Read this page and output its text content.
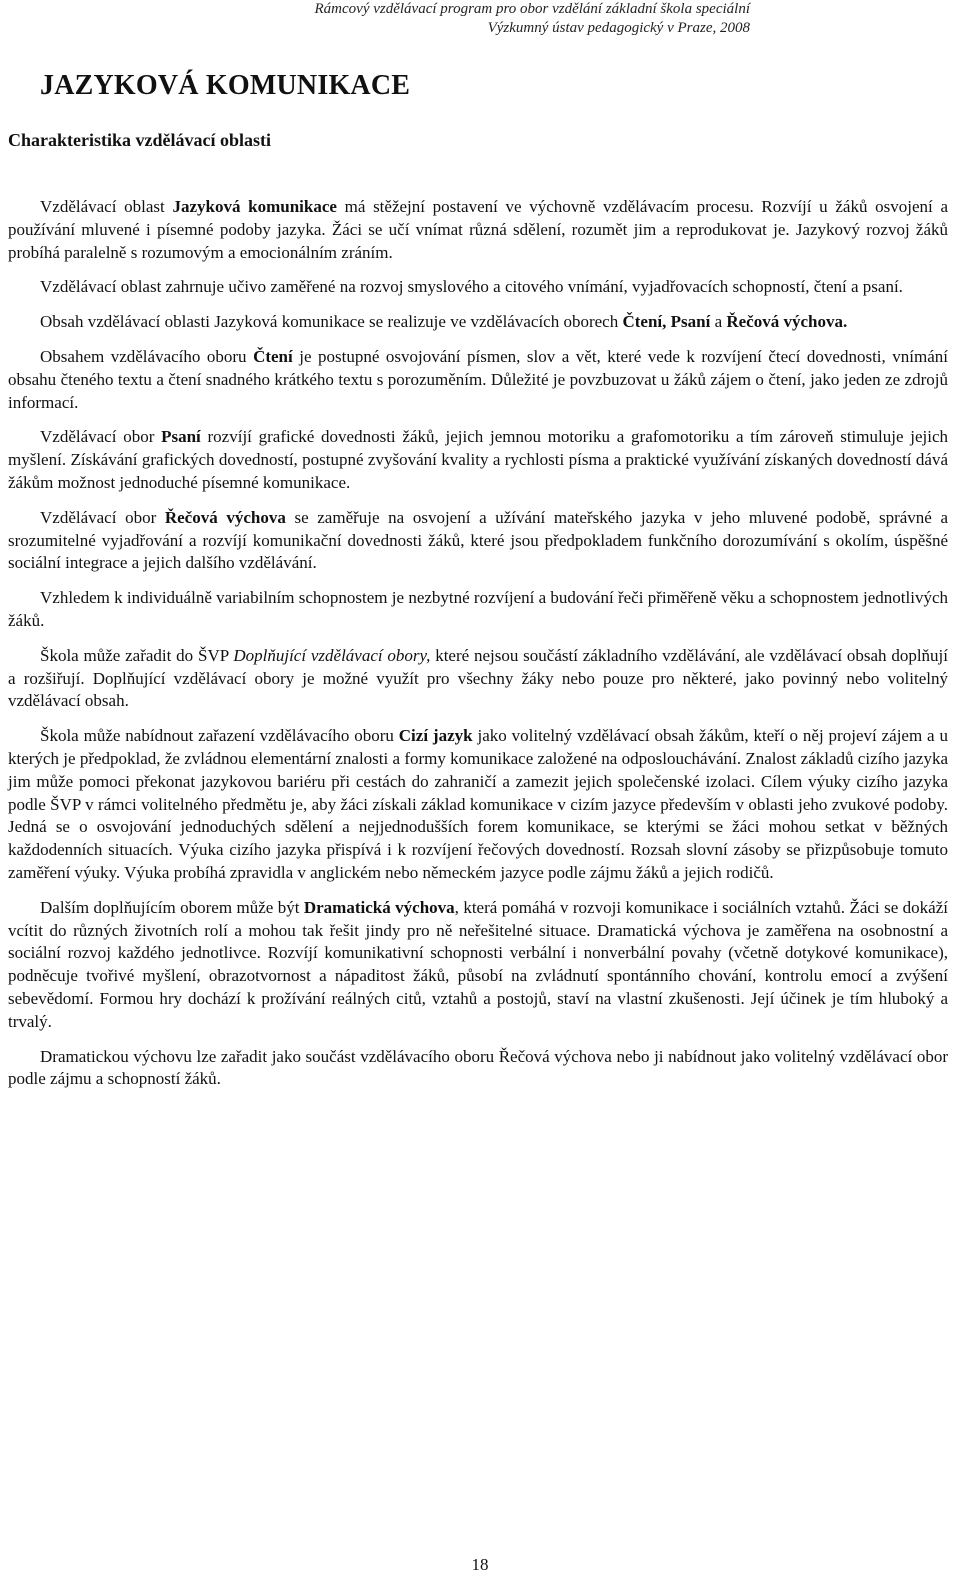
Rámcový vzdělávací program pro obor vzdělání základní škola speciální
Výzkumný ústav pedagogický v Praze, 2008
JAZYKOVÁ KOMUNIKACE
Charakteristika vzdělávací oblasti

Vzdělávací oblast Jazyková komunikace má stěžejní postavení ve výchovně vzdělávacím procesu. Rozvíjí u žáků osvojení a používání mluvené i písemné podoby jazyka. Žáci se učí vnímat různá sdělení, rozumět jim a reprodukovat je. Jazykový rozvoj žáků probíhá paralelně s rozumovým a emocionálním zráním.

Vzdělávací oblast zahrnuje učivo zaměřené na rozvoj smyslového a citového vnímání, vyjadřovacích schopností, čtení a psaní.

Obsah vzdělávací oblasti Jazyková komunikace se realizuje ve vzdělávacích oborech Čtení, Psaní a Řečová výchova.

Obsahem vzdělávacího oboru Čtení je postupné osvojování písmen, slov a vět, které vede k rozvíjení čtecí dovednosti, vnímání obsahu čteného textu a čtení snadného krátkého textu s porozuměním. Důležité je povzbuzovat u žáků zájem o čtení, jako jeden ze zdrojů informací.

Vzdělávací obor Psaní rozvíjí grafické dovednosti žáků, jejich jemnou motoriku a grafomotoriku a tím zároveň stimuluje jejich myšlení. Získávání grafických dovedností, postupné zvyšování kvality a rychlosti písma a praktické využívání získaných dovedností dává žákům možnost jednoduché písemné komunikace.

Vzdělávací obor Řečová výchova se zaměřuje na osvojení a užívání mateřského jazyka v jeho mluvené podobě, správné a srozumitelné vyjadřování a rozvíjí komunikační dovednosti žáků, které jsou předpokladem funkčního dorozumívání s okolím, úspěšné sociální integrace a jejich dalšího vzdělávání.

Vzhledem k individuálně variabilním schopnostem je nezbytné rozvíjení a budování řeči přiměřeně věku a schopnostem jednotlivých žáků.

Škola může zařadit do ŠVP Doplňující vzdělávací obory, které nejsou součástí základního vzdělávání, ale vzdělávací obsah doplňují a rozšiřují. Doplňující vzdělávací obory je možné využít pro všechny žáky nebo pouze pro některé, jako povinný nebo volitelný vzdělávací obsah.

Škola může nabídnout zařazení vzdělávacího oboru Cizí jazyk jako volitelný vzdělávací obsah žákům, kteří o něj projeví zájem a u kterých je předpoklad, že zvládnou elementární znalosti a formy komunikace založené na odposlouchávání. Znalost základů cizího jazyka jim může pomoci překonat jazykovou bariéru při cestách do zahraničí a zamezit jejich společenské izolaci. Cílem výuky cizího jazyka podle ŠVP v rámci volitelného předmětu je, aby žáci získali základ komunikace v cizím jazyce především v oblasti jeho zvukové podoby. Jedná se o osvojování jednoduchých sdělení a nejjednodušších forem komunikace, se kterými se žáci mohou setkat v běžných každodenních situacích. Výuka cizího jazyka přispívá i k rozvíjení řečových dovedností. Rozsah slovní zásoby se přizpůsobuje tomuto zaměření výuky. Výuka probíhá zpravidla v anglickém nebo německém jazyce podle zájmu žáků a jejich rodičů.

Dalším doplňujícím oborem může být Dramatická výchova, která pomáhá v rozvoji komunikace i sociálních vztahů. Žáci se dokáží vcítit do různých životních rolí a mohou tak řešit jindy pro ně neřešitelné situace. Dramatická výchova je zaměřena na osobnostní a sociální rozvoj každého jednotlivce. Rozvíjí komunikativní schopnosti verbální i nonverbální povahy (včetně dotykové komunikace), podněcuje tvořivé myšlení, obrazotvornost a nápaditost žáků, působí na zvládnutí spontánního chování, kontrolu emocí a zvýšení sebevědomí. Formou hry dochází k prožívání reálných citů, vztahů a postojů, staví na vlastní zkušenosti. Její účinek je tím hluboký a trvalý.

Dramatickou výchovu lze zařadit jako součást vzdělávacího oboru Řečová výchova nebo ji nabídnout jako volitelný vzdělávací obor podle zájmu a schopností žáků.

18
